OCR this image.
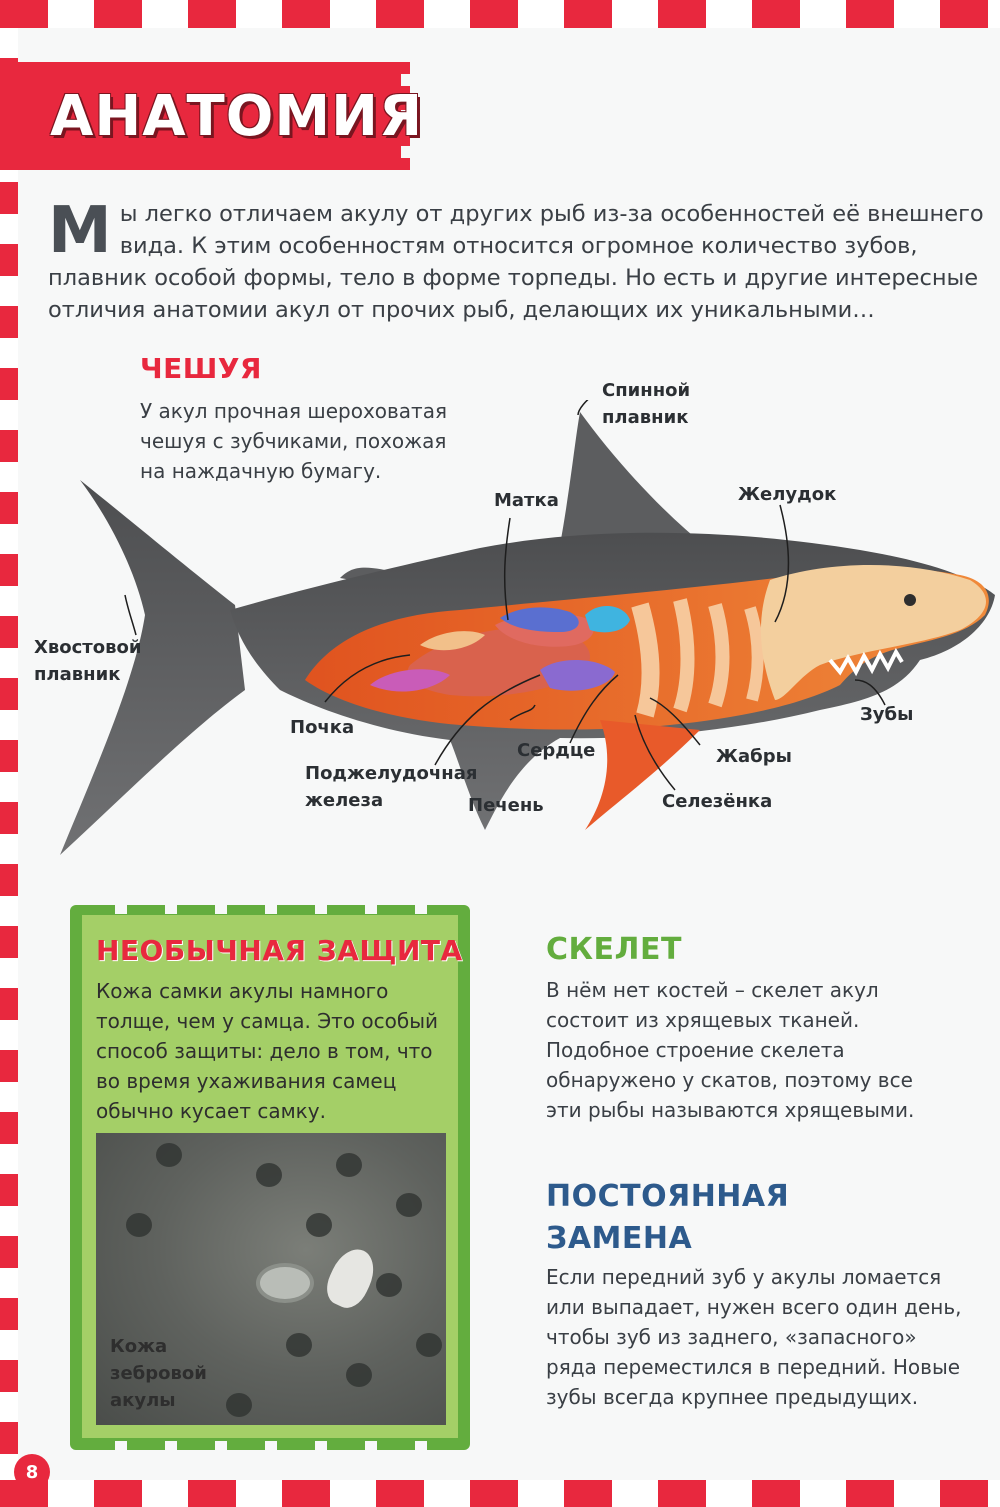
АНАТОМИЯ

Мы легко отличаем акулу от других рыб из-за особенностей её внешнего вида. К этим особенностям относится огромное количество зубов, плавник особой формы, тело в форме торпеды. Но есть и другие интересные отличия анатомии акул от прочих рыб, делающих их уникальными…

ЧЕШУЯ

У акул прочная шероховатая чешуя с зубчиками, похожая на наждачную бумагу.

Спинной плавник
Хвостовой плавник
Матка	Желудок
Почка
Поджелудочная железа	Печень
Сердце	Жабры
Селезёнка
Зубы
НЕОБЫЧНАЯ ЗАЩИТА

Кожа самки акулы намного толще, чем у самца. Это особый способ защиты: дело в том, что во время ухаживания самец обычно кусает самку.

Кожа зебровой акулы

СКЕЛЕТ

В нём нет костей – скелет акул состоит из хрящевых тканей. Подобное строение скелета обнаружено у скатов, поэтому все эти рыбы называются хрящевыми.

ПОСТОЯННАЯ ЗАМЕНА

Если передний зуб у акулы ломается или выпадает, нужен всего один день, чтобы зуб из заднего, «запасного» ряда переместился в передний. Новые зубы всегда крупнее предыдущих.

8
